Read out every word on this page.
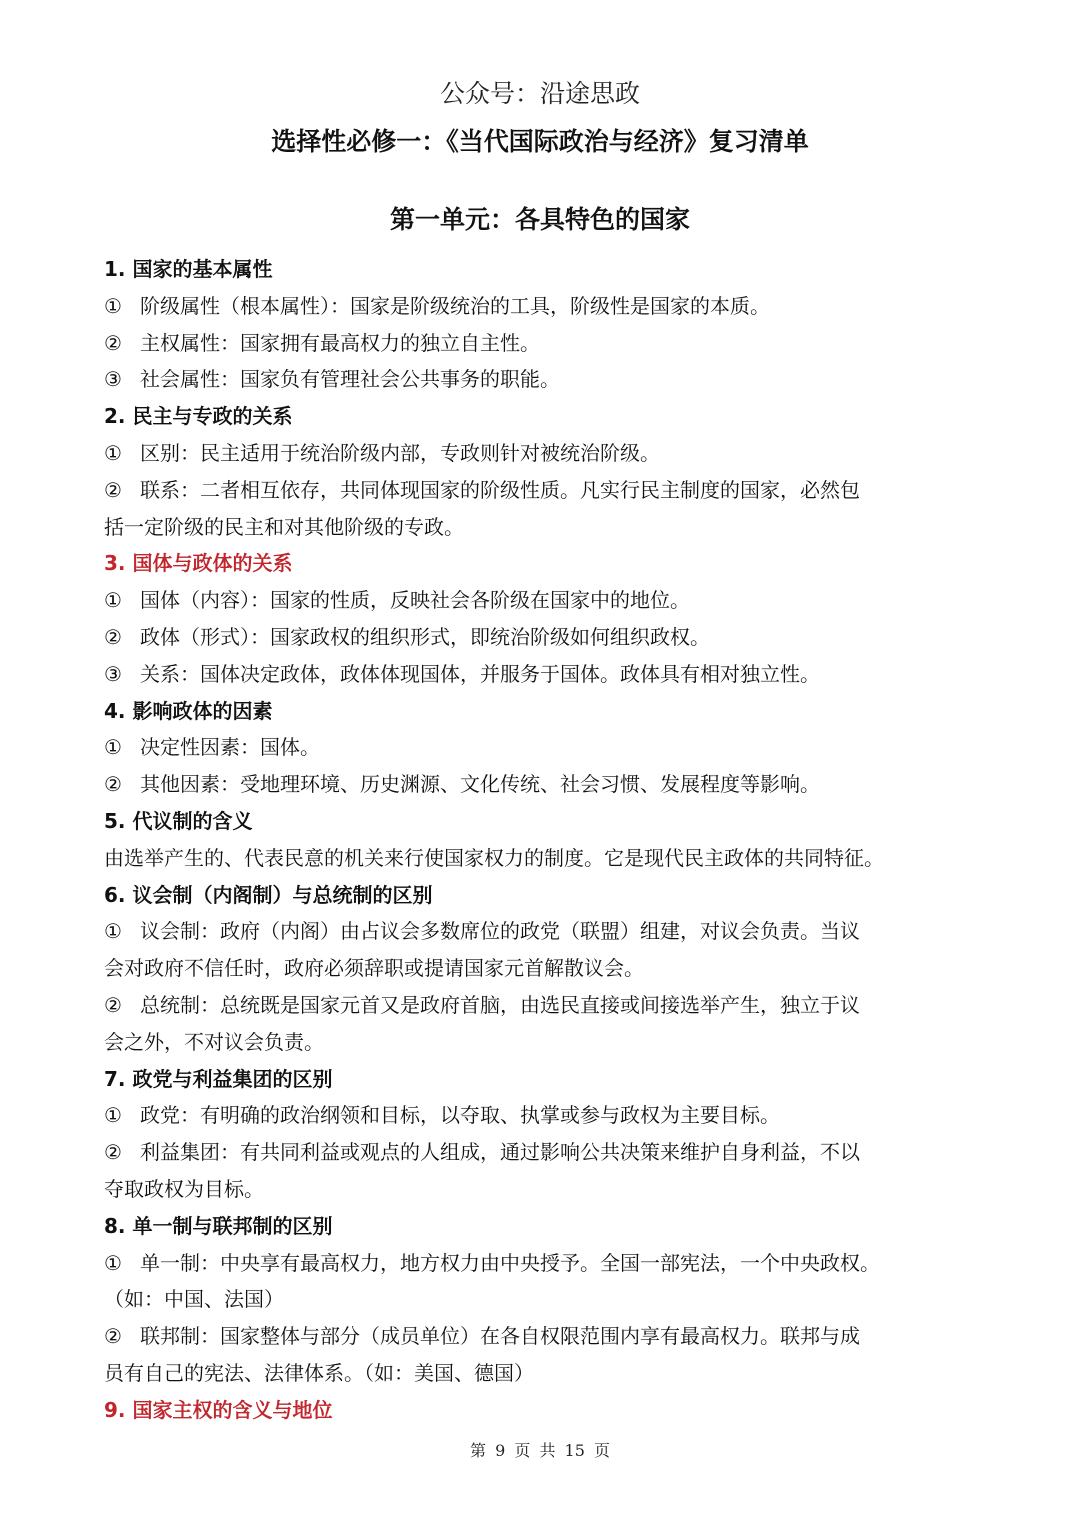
公众号：沿途思政
选择性必修一：《当代国际政治与经济》复习清单
第一单元：各具特色的国家
1. 国家的基本属性
① 阶级属性（根本属性）：国家是阶级统治的工具，阶级性是国家的本质。
② 主权属性：国家拥有最高权力的独立自主性。
③ 社会属性：国家负有管理社会公共事务的职能。
2. 民主与专政的关系
① 区别：民主适用于统治阶级内部，专政则针对被统治阶级。
② 联系：二者相互依存，共同体现国家的阶级性质。凡实行民主制度的国家，必然包
括一定阶级的民主和对其他阶级的专政。
3. 国体与政体的关系
① 国体（内容）：国家的性质，反映社会各阶级在国家中的地位。
② 政体（形式）：国家政权的组织形式，即统治阶级如何组织政权。
③ 关系：国体决定政体，政体体现国体，并服务于国体。政体具有相对独立性。
4. 影响政体的因素
① 决定性因素：国体。
② 其他因素：受地理环境、历史渊源、文化传统、社会习惯、发展程度等影响。
5. 代议制的含义
由选举产生的、代表民意的机关来行使国家权力的制度。它是现代民主政体的共同特征。
6. 议会制（内阁制）与总统制的区别
① 议会制：政府（内阁）由占议会多数席位的政党（联盟）组建，对议会负责。当议
会对政府不信任时，政府必须辞职或提请国家元首解散议会。
② 总统制：总统既是国家元首又是政府首脑，由选民直接或间接选举产生，独立于议
会之外，不对议会负责。
7. 政党与利益集团的区别
① 政党：有明确的政治纲领和目标，以夺取、执掌或参与政权为主要目标。
② 利益集团：有共同利益或观点的人组成，通过影响公共决策来维护自身利益，不以
夺取政权为目标。
8. 单一制与联邦制的区别
① 单一制：中央享有最高权力，地方权力由中央授予。全国一部宪法，一个中央政权。
（如：中国、法国）
② 联邦制：国家整体与部分（成员单位）在各自权限范围内享有最高权力。联邦与成
员有自己的宪法、法律体系。（如：美国、德国）
9. 国家主权的含义与地位
第 9 页 共 15 页
